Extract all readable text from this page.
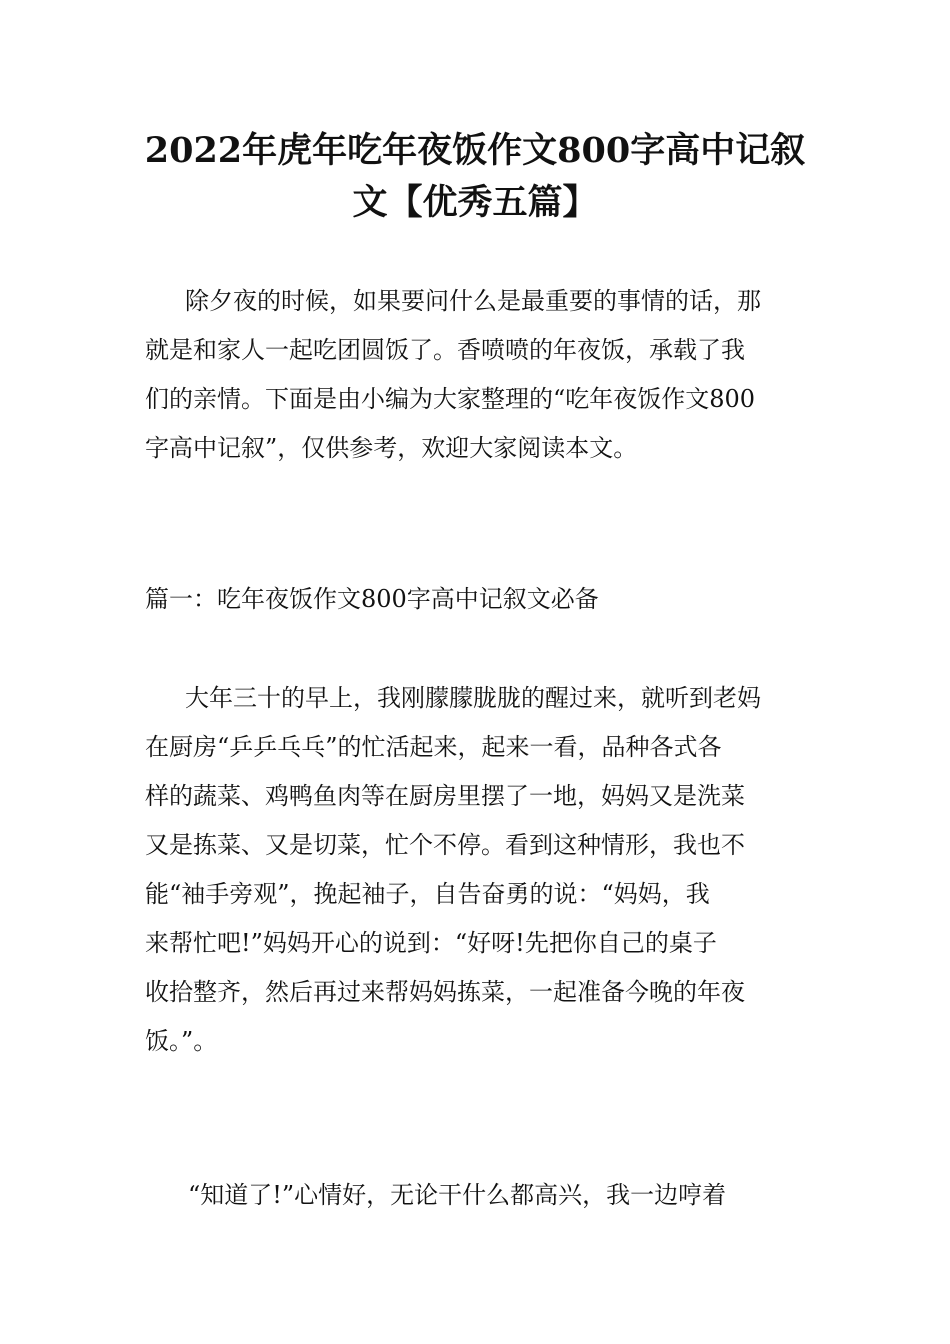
2022年虎年吃年夜饭作文800字高中记叙
文【优秀五篇】

除夕夜的时候，如果要问什么是最重要的事情的话，那
就是和家人一起吃团圆饭了。香喷喷的年夜饭，承载了我
们的亲情。下面是由小编为大家整理的“吃年夜饭作文800
字高中记叙”，仅供参考，欢迎大家阅读本文。

篇一：吃年夜饭作文800字高中记叙文必备

大年三十的早上，我刚朦朦胧胧的醒过来，就听到老妈
在厨房“乒乒乓乓”的忙活起来，起来一看，品种各式各
样的蔬菜、鸡鸭鱼肉等在厨房里摆了一地，妈妈又是洗菜
又是拣菜、又是切菜，忙个不停。看到这种情形，我也不
能“袖手旁观”，挽起袖子，自告奋勇的说：“妈妈，我
来帮忙吧!”妈妈开心的说到：“好呀!先把你自己的桌子
收拾整齐，然后再过来帮妈妈拣菜，一起准备今晚的年夜
饭。”。

“知道了!”心情好，无论干什么都高兴，我一边哼着
